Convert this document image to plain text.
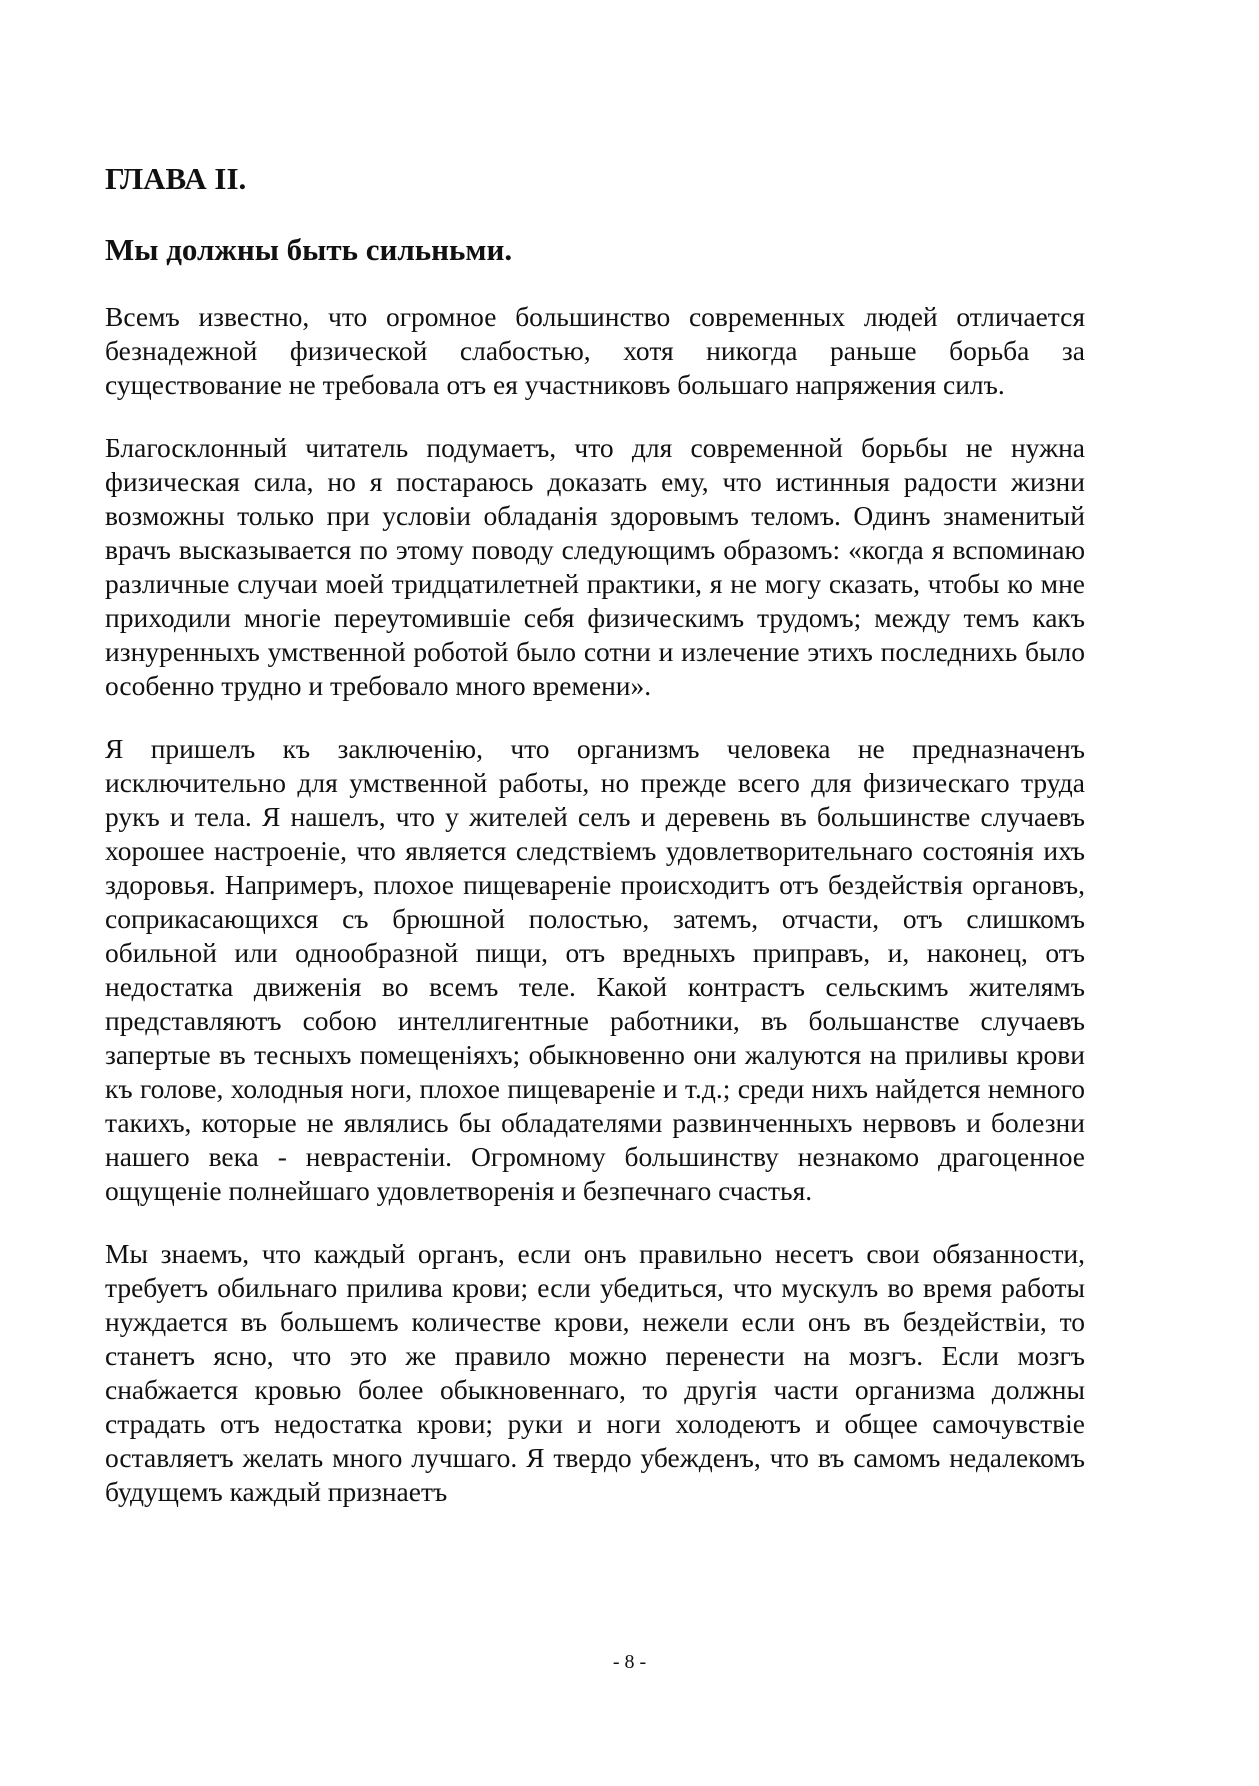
ГЛАВА II.
Мы должны быть сильньми.

Всемъ известно, что огромное большинство современных людей отличается безнадежной физической слабостью, хотя никогда раньше борьба за существование не требовала отъ ея участниковъ большаго напряжения силъ.

Благосклонный читатель подумаетъ, что для современной борьбы не нужна физическая сила, но я постараюсь доказать ему, что истинныя радости жизни возможны только при условіи обладанія здоровымъ теломъ. Одинъ знаменитый врачъ высказывается по этому поводу следующимъ образомъ: «когда я вспоминаю различные случаи моей тридцатилетней практики, я не могу сказать, чтобы ко мне приходили многіе переутомившіе себя физическимъ трудомъ; между темъ какъ изнуренныхъ умственной роботой было сотни и излечение этихъ последнихь было особенно трудно и требовало много времени».

Я пришелъ къ заключенію, что организмъ человека не предназначенъ исключительно для умственной работы, но прежде всего для физическаго труда рукъ и тела. Я нашелъ, что у жителей селъ и деревень въ большинстве случаевъ хорошее настроеніе, что является следствіемъ удовлетворительнаго состоянія ихъ здоровья. Напримеръ, плохое пищевареніе происходитъ отъ бездействія органовъ, соприкасающихся съ брюшной полостью, затемъ, отчасти, отъ слишкомъ обильной или однообразной пищи, отъ вредныхъ приправъ, и, наконец, отъ недостатка движенія во всемъ теле. Какой контрастъ сельскимъ жителямъ представляютъ собою интеллигентные работники, въ большанстве случаевъ запертые въ тесныхъ помещеніяхъ; обыкновенно они жалуются на приливы крови къ голове, холодныя ноги, плохое пищевареніе и т.д.; среди нихъ найдется немного такихъ, которые не являлись бы обладателями развинченныхъ нервовъ и болезни нашего века - неврастеніи. Огромному большинству незнакомо драгоценное ощущеніе полнейшаго удовлетворенія и безпечнаго счастья.

Мы знаемъ, что каждый органъ, если онъ правильно несетъ свои обязанности, требуетъ обильнаго прилива крови; если убедиться, что мускулъ во время работы нуждается въ большемъ количестве крови, нежели если онъ въ бездействіи, то станетъ ясно, что это же правило можно перенести на мозгъ. Если мозгъ снабжается кровью более обыкновеннаго, то другія части организма должны страдать отъ недостатка крови; руки и ноги холодеютъ и общее самочувствіе оставляетъ желать много лучшаго. Я твердо убежденъ, что въ самомъ недалекомъ будущемъ каждый признаетъ

- 8 -
